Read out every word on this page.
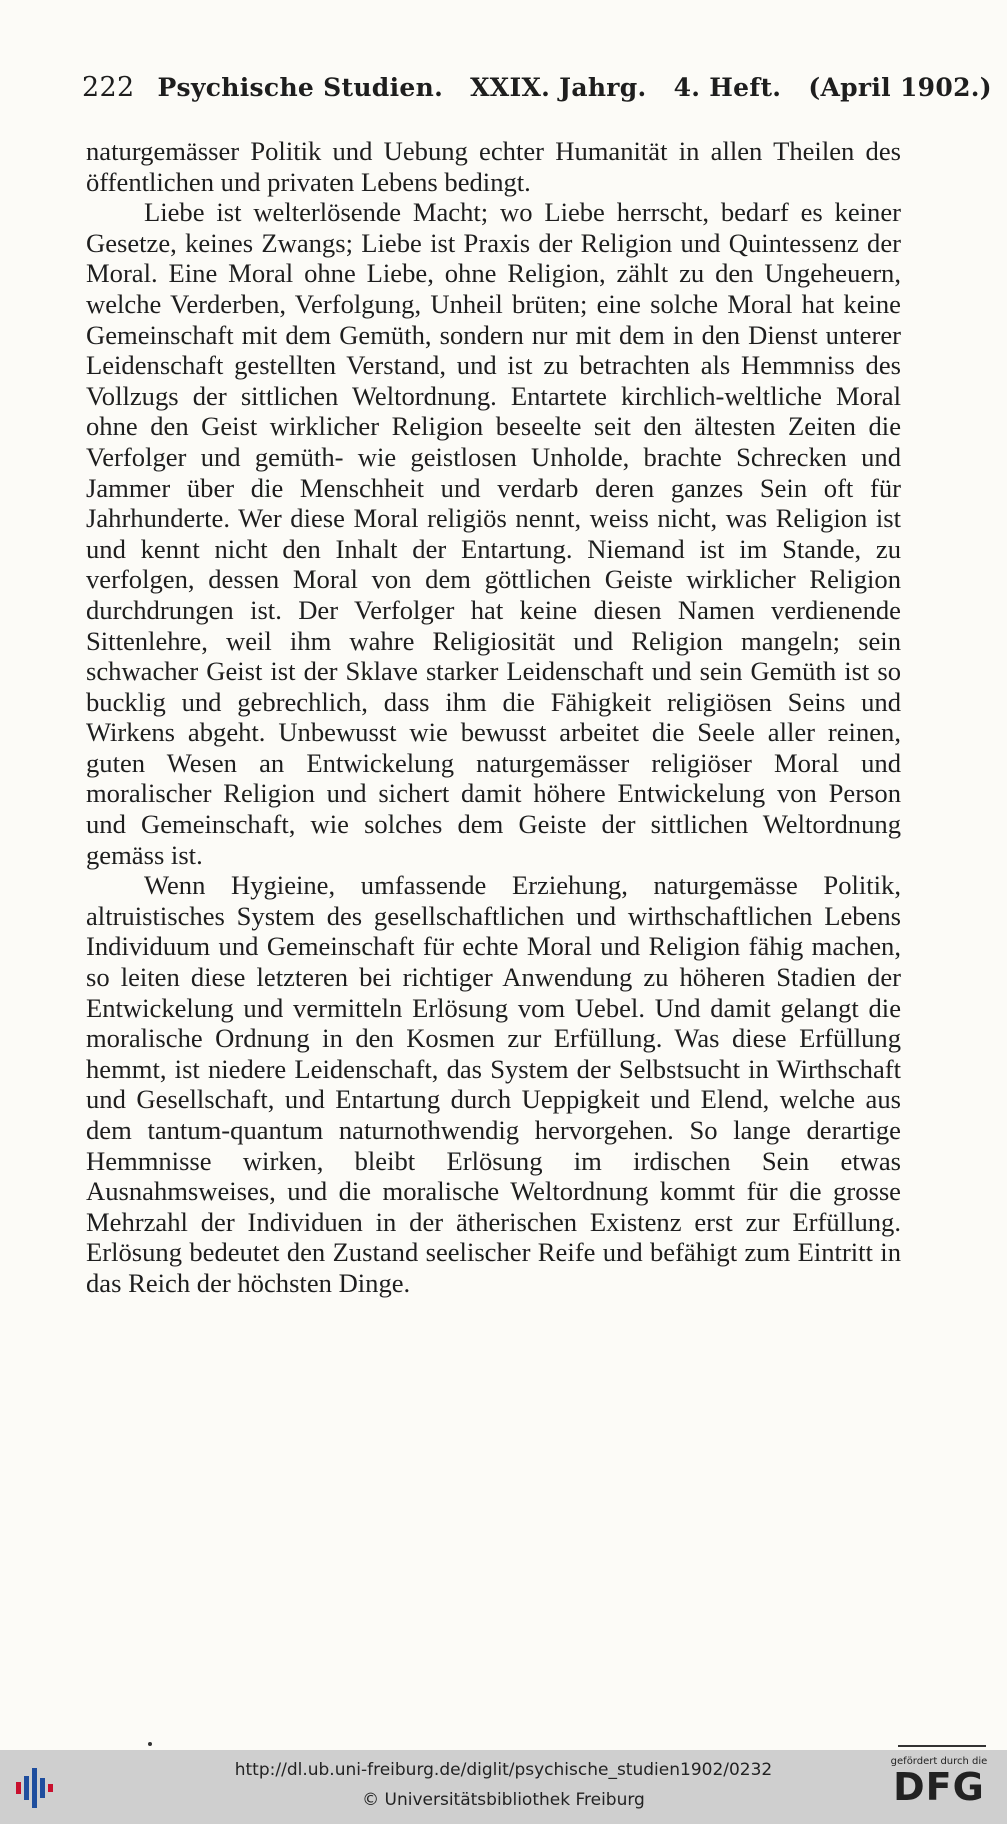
222 Psychische Studien. XXIX. Jahrg. 4. Heft. (April 1902.)

naturgemässer Politik und Uebung echter Humanität in allen Theilen des öffentlichen und privaten Lebens bedingt.

Liebe ist welterlösende Macht; wo Liebe herrscht, bedarf es keiner Gesetze, keines Zwangs; Liebe ist Praxis der Religion und Quintessenz der Moral. Eine Moral ohne Liebe, ohne Religion, zählt zu den Ungeheuern, welche Verderben, Verfolgung, Unheil brüten; eine solche Moral hat keine Gemeinschaft mit dem Gemüth, sondern nur mit dem in den Dienst unterer Leidenschaft gestellten Verstand, und ist zu betrachten als Hemmniss des Vollzugs der sittlichen Weltordnung. Entartete kirchlich-weltliche Moral ohne den Geist wirklicher Religion beseelte seit den ältesten Zeiten die Verfolger und gemüth- wie geistlosen Unholde, brachte Schrecken und Jammer über die Menschheit und verdarb deren ganzes Sein oft für Jahrhunderte. Wer diese Moral religiös nennt, weiss nicht, was Religion ist und kennt nicht den Inhalt der Entartung. Niemand ist im Stande, zu verfolgen, dessen Moral von dem göttlichen Geiste wirklicher Religion durchdrungen ist. Der Verfolger hat keine diesen Namen verdienende Sittenlehre, weil ihm wahre Religiosität und Religion mangeln; sein schwacher Geist ist der Sklave starker Leidenschaft und sein Gemüth ist so bucklig und gebrechlich, dass ihm die Fähigkeit religiösen Seins und Wirkens abgeht. Unbewusst wie bewusst arbeitet die Seele aller reinen, guten Wesen an Entwickelung naturgemässer religiöser Moral und moralischer Religion und sichert damit höhere Entwickelung von Person und Gemeinschaft, wie solches dem Geiste der sittlichen Weltordnung gemäss ist.

Wenn Hygieine, umfassende Erziehung, naturgemässe Politik, altruistisches System des gesellschaftlichen und wirthschaftlichen Lebens Individuum und Gemeinschaft für echte Moral und Religion fähig machen, so leiten diese letzteren bei richtiger Anwendung zu höheren Stadien der Entwickelung und vermitteln Erlösung vom Uebel. Und damit gelangt die moralische Ordnung in den Kosmen zur Erfüllung. Was diese Erfüllung hemmt, ist niedere Leidenschaft, das System der Selbstsucht in Wirthschaft und Gesellschaft, und Entartung durch Ueppigkeit und Elend, welche aus dem tantum-quantum naturnothwendig hervorgehen. So lange derartige Hemmnisse wirken, bleibt Erlösung im irdischen Sein etwas Ausnahmsweises, und die moralische Weltordnung kommt für die grosse Mehrzahl der Individuen in der ätherischen Existenz erst zur Erfüllung. Erlösung bedeutet den Zustand seelischer Reife und befähigt zum Eintritt in das Reich der höchsten Dinge.

http://dl.ub.uni-freiburg.de/diglit/psychische_studien1902/0232
© Universitätsbibliothek Freiburg
gefördert durch die
DFG
